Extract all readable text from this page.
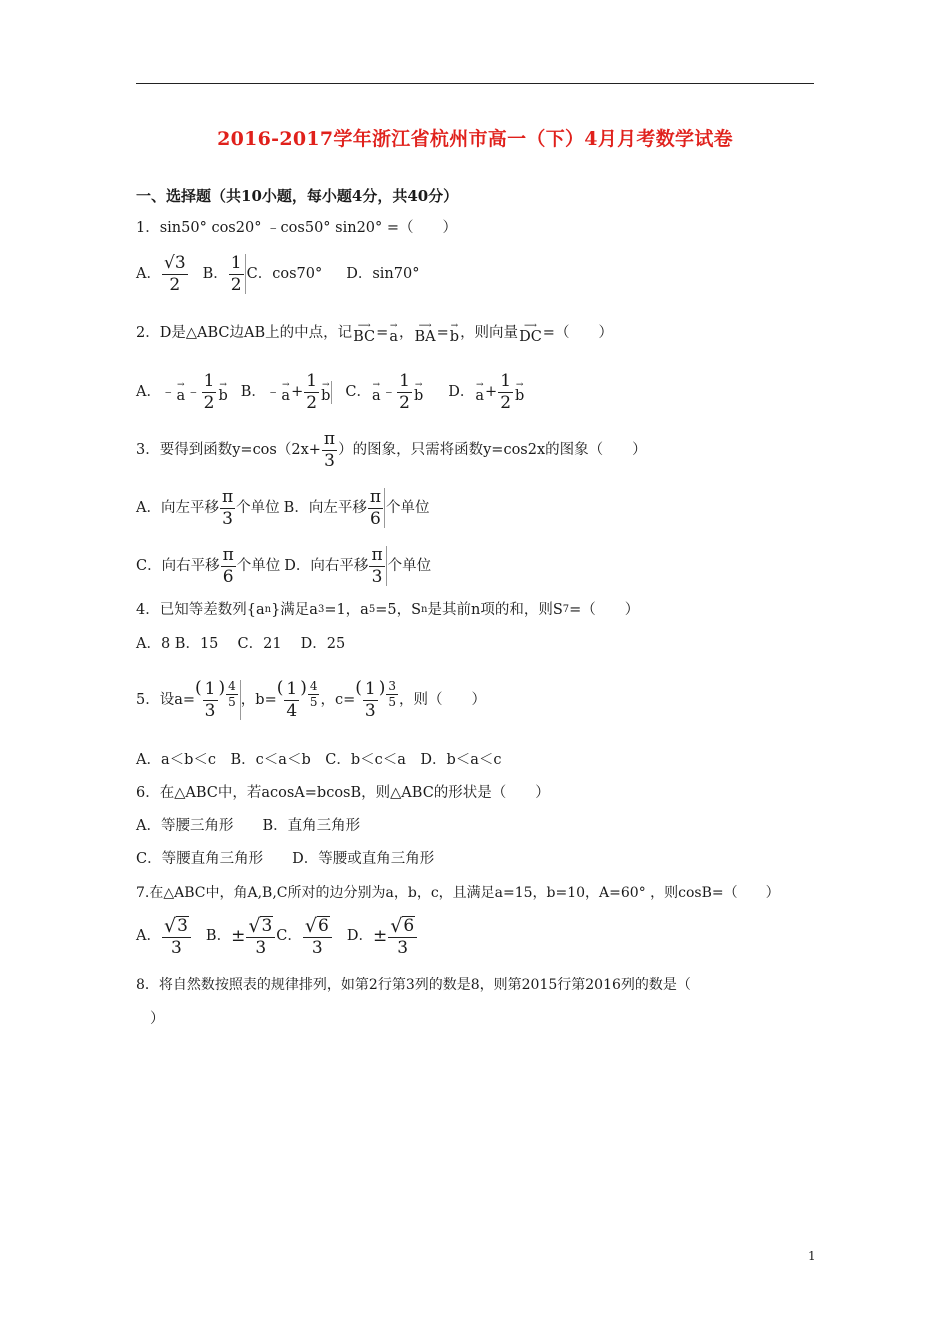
2016-2017学年浙江省杭州市高一（下）4月月考数学试卷
一、选择题（共10小题，每小题4分，共40分）
1．sin50° cos20° ﹣cos50° sin20° =（　　）
A． $\frac{√3}{2}$ B． $\frac{1}{2}$ C．cos70° D．sin70°
2．D是△ABC边AB上的中点，记 ⟶
BC = →
a ， ⟶
BA = →
b ，则向量 ⟶
DC =（　　）
A． ﹣ →
a ﹣ $\frac{1}{2}$ →
b B． ﹣ →
$a + \frac{1}{2}$ →
b C． →
a ﹣ $\frac{1}{2}$ →
b D． →
$a + \frac{1}{2}$ →
b
3．要得到函数$y=\cos(2x+ \frac{\pi}{3}$ ）的图象，只需将函数y=cos2x的图象（　　）
A．向左平移 $\frac{\pi}{3}$ 个单位 B．向左平移 $\frac{\pi}{6}$ 个单位
C．向右平移 $\frac{\pi}{6}$ 个单位 D．向右平移 $\frac{\pi}{3}$ 个单位
4．已知等差数列{a n }满足a 3 =1，a 5 =5，S n 是其前n项的和，则S 7 =（　　）
A．8 B．15　 C．21　 D．25
5．设a=
( $\frac{1}{3}$ ) $\frac{4}{5}$ ，b=
( $\frac{1}{4}$ ) $\frac{4}{5}$ ，c=
( $\frac{1}{3}$ ) $\frac{3}{5}$ ，则（　　）
A．a＜b＜c　B．c＜a＜b　C．b＜c＜a　D．b＜a＜c
6．在△ABC中，若acosA=bcosB，则△ABC的形状是（　　）
A．等腰三角形　　B．直角三角形
C．等腰直角三角形　　D．等腰或直角三角形
7.在△ABC中，角A,B,C所对的边分别为a，b，c，且满足a=15，b=10，A=60° ，则cosB=（　　）
A． $\frac{√ 3}{3}$ B． ± $\frac{√ 3}{3}$ C． $\frac{√ 6}{3}$ D． ± $\frac{√ 6}{3}$
8．将自然数按照表的规律排列，如第2行第3列的数是8，则第2015行第2016列的数是（
）
1
